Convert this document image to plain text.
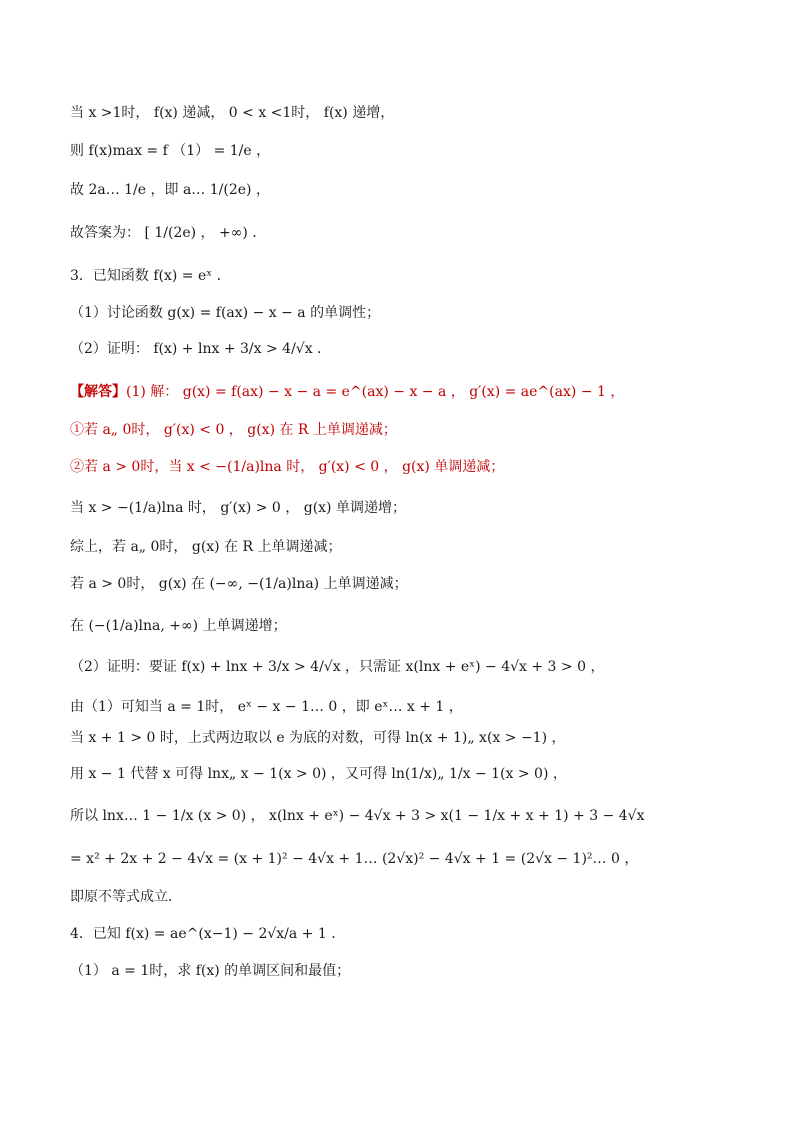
当 x >1时， f(x) 递减， 0 < x <1时， f(x) 递增，
则 f(x)max = f （1） = 1/e ，
故 2a… 1/e ，即 a… 1/(2e) ，
故答案为： [ 1/(2e) ， +∞) ．
3．已知函数 f(x) = eˣ ．
（1）讨论函数 g(x) = f(ax) − x − a 的单调性；
（2）证明： f(x) + lnx + 3/x > 4/√x ．
【解答】(1) 解： g(x) = f(ax) − x − a = e^(ax) − x − a ， g′(x) = ae^(ax) − 1 ，
①若 a„ 0时， g′(x) < 0 ， g(x) 在 R 上单调递减；
②若 a > 0时，当 x < −(1/a)lna 时， g′(x) < 0 ， g(x) 单调递减；
当 x > −(1/a)lna 时， g′(x) > 0 ， g(x) 单调递增；
综上，若 a„ 0时， g(x) 在 R 上单调递减；
若 a > 0时， g(x) 在 (−∞, −(1/a)lna) 上单调递减；
在 (−(1/a)lna, +∞) 上单调递增；
（2）证明：要证 f(x) + lnx + 3/x > 4/√x ，只需证 x(lnx + eˣ) − 4√x + 3 > 0 ，
由（1）可知当 a = 1时， eˣ − x − 1… 0 ，即 eˣ… x + 1 ，
当 x + 1 > 0 时，上式两边取以 e 为底的对数，可得 ln(x + 1)„ x(x > −1) ，
用 x − 1 代替 x 可得 lnx„ x − 1(x > 0) ，又可得 ln(1/x)„ 1/x − 1(x > 0) ，
所以 lnx… 1 − 1/x (x > 0) ， x(lnx + eˣ) − 4√x + 3 > x(1 − 1/x + x + 1) + 3 − 4√x
= x² + 2x + 2 − 4√x = (x + 1)² − 4√x + 1… (2√x)² − 4√x + 1 = (2√x − 1)²… 0 ，
即原不等式成立．
4．已知 f(x) = ae^(x−1) − 2√x/a + 1 ．
（1） a = 1时，求 f(x) 的单调区间和最值；
